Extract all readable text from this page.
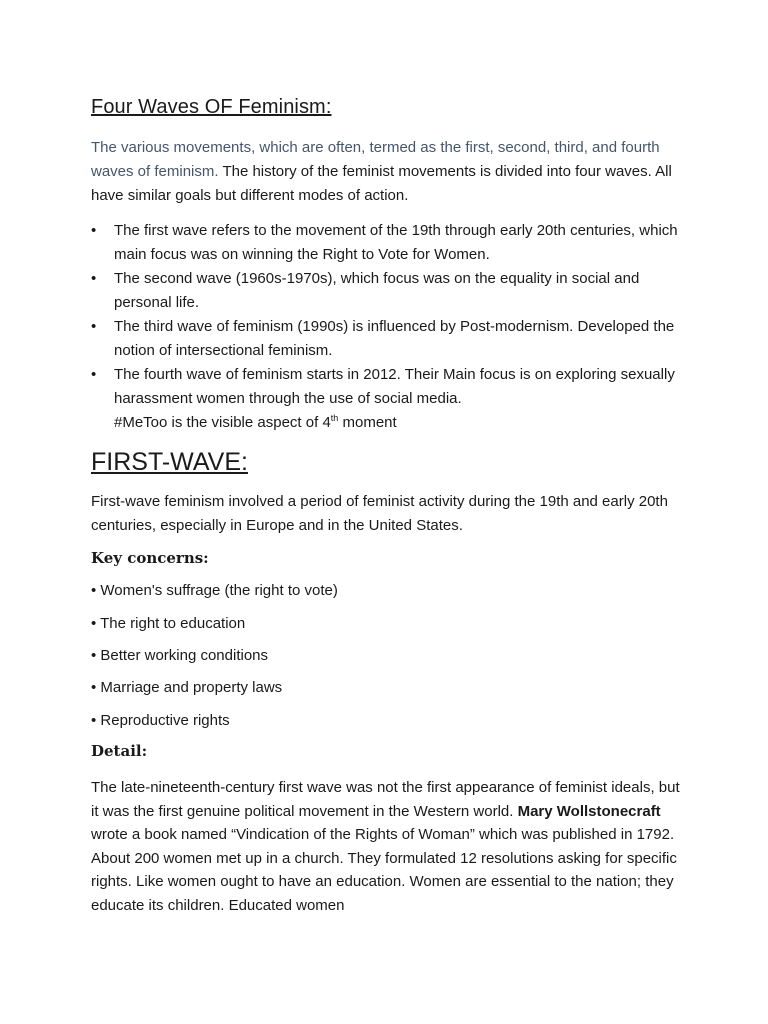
Four Waves OF Feminism:
The various movements, which are often, termed as the first, second, third, and fourth waves of feminism. The history of the feminist movements is divided into four waves. All have similar goals but different modes of action.
• The first wave refers to the movement of the 19th through early 20th centuries, which main focus was on winning the Right to Vote for Women.
• The second wave (1960s-1970s), which focus was on the equality in social and personal life.
• The third wave of feminism (1990s) is influenced by Post-modernism. Developed the notion of intersectional feminism.
• The fourth wave of feminism starts in 2012. Their Main focus is on exploring sexually harassment women through the use of social media.
#MeToo is the visible aspect of 4th moment
FIRST-WAVE:
First-wave feminism involved a period of feminist activity during the 19th and early 20th centuries, especially in Europe and in the United States.
Key concerns:
• Women's suffrage (the right to vote)
• The right to education
• Better working conditions
• Marriage and property laws
• Reproductive rights
Detail:
The late-nineteenth-century first wave was not the first appearance of feminist ideals, but it was the first genuine political movement in the Western world. Mary Wollstonecraft wrote a book named “Vindication of the Rights of Woman” which was published in 1792. About 200 women met up in a church. They formulated 12 resolutions asking for specific rights. Like women ought to have an education. Women are essential to the nation; they educate its children. Educated women
